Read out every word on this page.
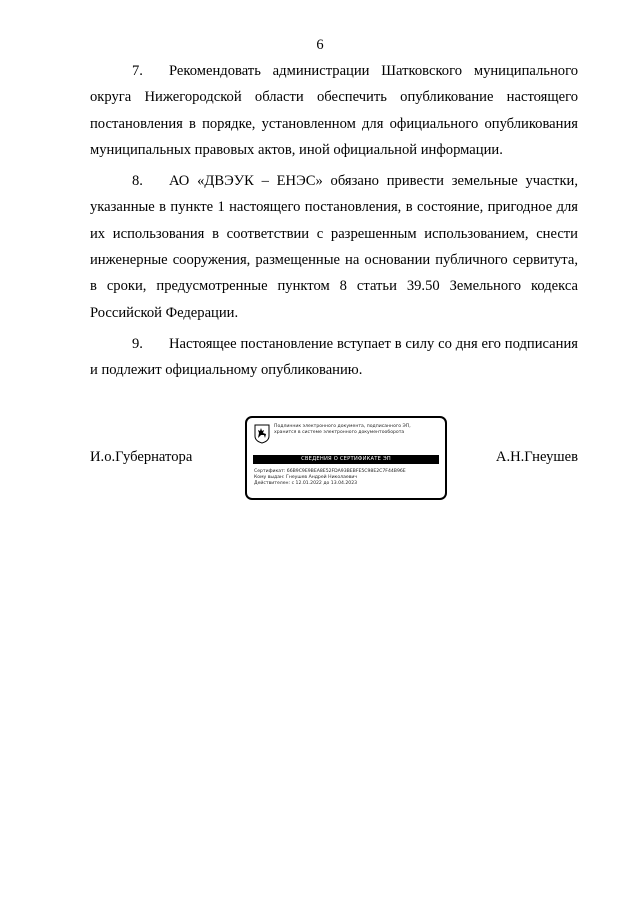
6

7. Рекомендовать администрации Шатковского муниципального округа Нижегородской области обеспечить опубликование настоящего постановления в порядке, установленном для официального опубликования муниципальных правовых актов, иной официальной информации.

8. АО «ДВЭУК – ЕНЭС» обязано привести земельные участки, указанные в пункте 1 настоящего постановления, в состояние, пригодное для их использования в соответствии с разрешенным использованием, снести инженерные сооружения, размещенные на основании публичного сервитута, в сроки, предусмотренные пунктом 8 статьи 39.50 Земельного кодекса Российской Федерации.

9. Настоящее постановление вступает в силу со дня его подписания и подлежит официальному опубликованию.

И.о.Губернатора
Подлинник электронного документа, подписанного ЭП,
хранится в системе электронного документооборота
СВЕДЕНИЯ О СЕРТИФИКАТЕ ЭП
Сертификат: 66B9C9E9BEA8E52FDA93BEBFE5C98E2C7F44B96E
Кому выдан: Гнеушев Андрей Николаевич
Действителен: с 12.01.2022 до 13.04.2023
А.Н.Гнеушев
